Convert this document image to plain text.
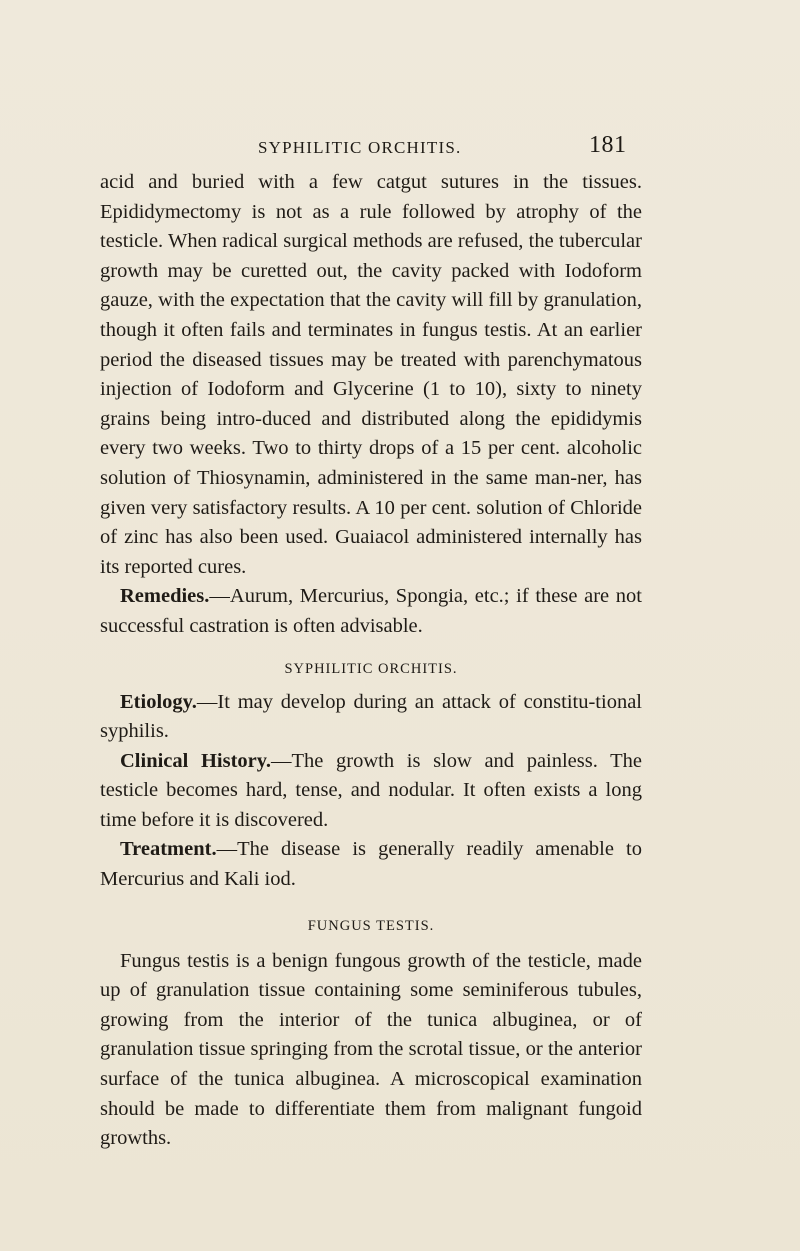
SYPHILITIC ORCHITIS.	181

acid and buried with a few catgut sutures in the tissues. Epididymectomy is not as a rule followed by atrophy of the testicle. When radical surgical methods are refused, the tubercular growth may be curetted out, the cavity packed with Iodoform gauze, with the expectation that the cavity will fill by granulation, though it often fails and terminates in fungus testis. At an earlier period the diseased tissues may be treated with parenchymatous injection of Iodoform and Glycerine (1 to 10), sixty to ninety grains being intro-duced and distributed along the epididymis every two weeks. Two to thirty drops of a 15 per cent. alcoholic solution of Thiosynamin, administered in the same man-ner, has given very satisfactory results. A 10 per cent. solution of Chloride of zinc has also been used. Guaiacol administered internally has its reported cures.

Remedies.—Aurum, Mercurius, Spongia, etc.; if these are not successful castration is often advisable.

SYPHILITIC ORCHITIS.

Etiology.—It may develop during an attack of constitu-tional syphilis.

Clinical History.—The growth is slow and painless. The testicle becomes hard, tense, and nodular. It often exists a long time before it is discovered.

Treatment.—The disease is generally readily amenable to Mercurius and Kali iod.

FUNGUS TESTIS.

Fungus testis is a benign fungous growth of the testicle, made up of granulation tissue containing some seminiferous tubules, growing from the interior of the tunica albuginea, or of granulation tissue springing from the scrotal tissue, or the anterior surface of the tunica albuginea. A microscopical examination should be made to differentiate them from malignant fungoid growths.
